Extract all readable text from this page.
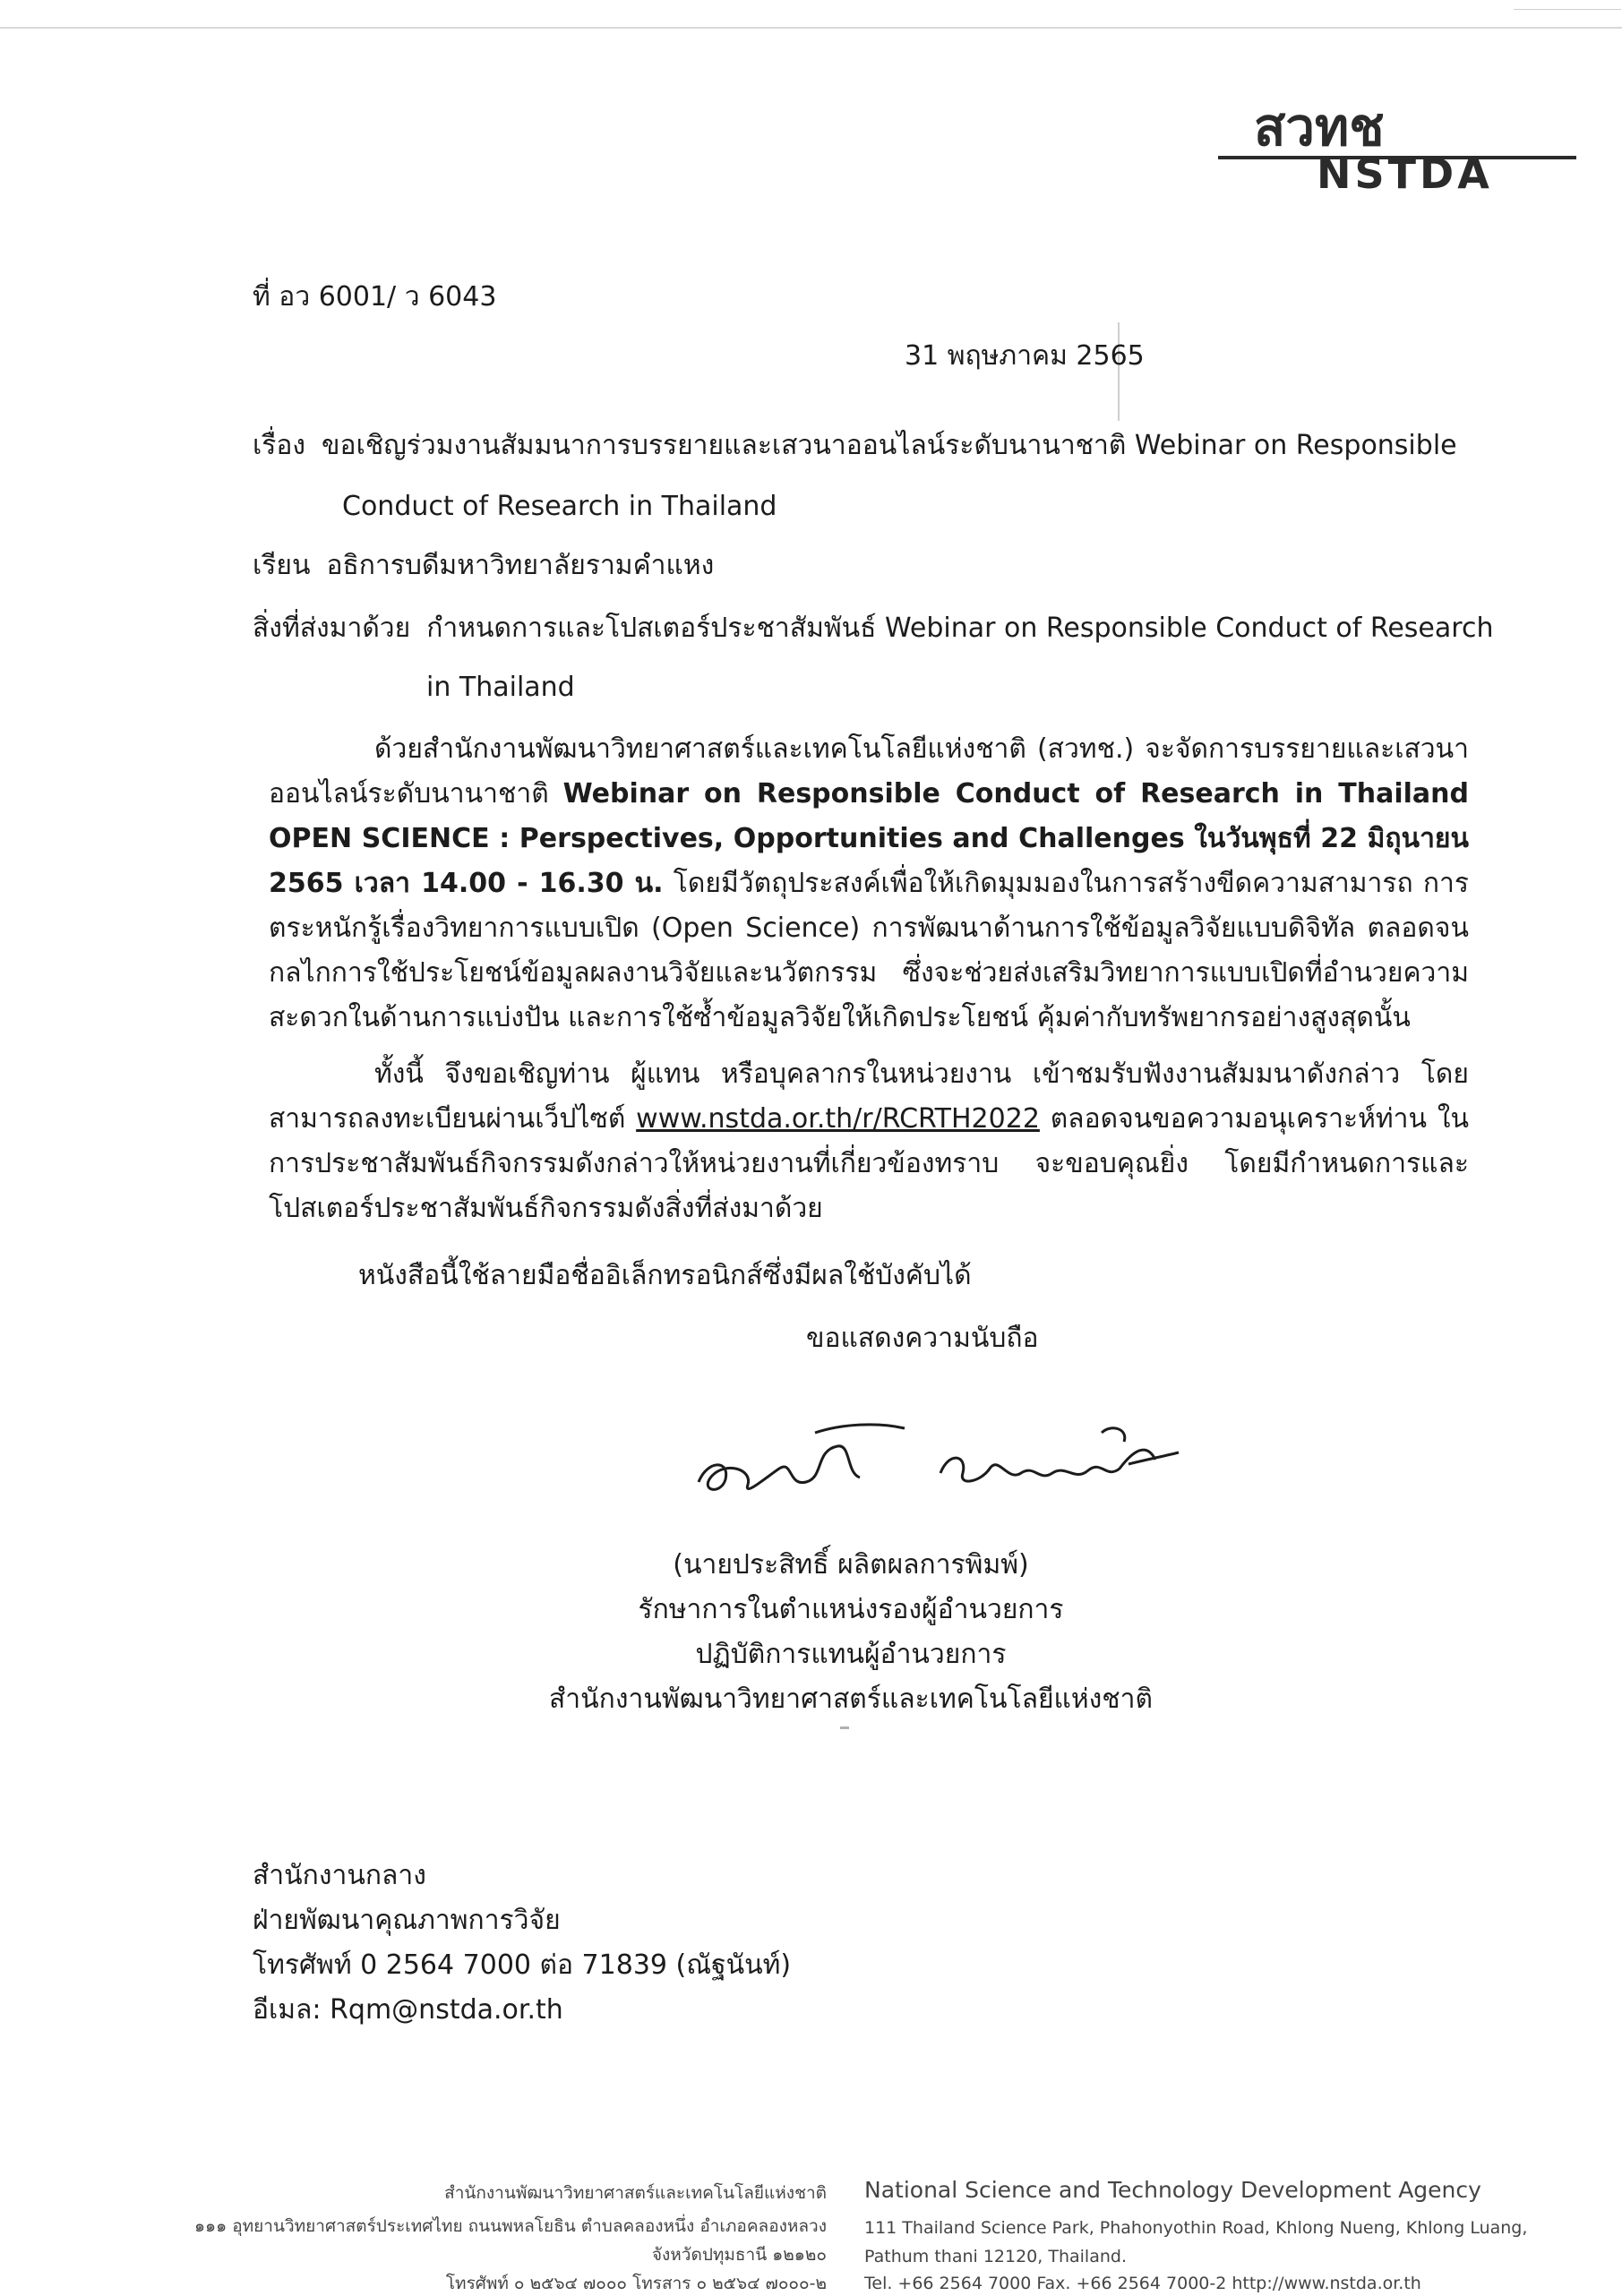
สวทช
NSTDA
ที่ อว 6001/ ว 6043
31 พฤษภาคม 2565
เรื่อง ขอเชิญร่วมงานสัมมนาการบรรยายและเสวนาออนไลน์ระดับนานาชาติ Webinar on Responsible
Conduct of Research in Thailand
เรียน อธิการบดีมหาวิทยาลัยรามคำแหง
สิ่งที่ส่งมาด้วย กำหนดการและโปสเตอร์ประชาสัมพันธ์ Webinar on Responsible Conduct of Research
in Thailand
ด้วยสำนักงานพัฒนาวิทยาศาสตร์และเทคโนโลยีแห่งชาติ (สวทช.) จะจัดการบรรยายและเสวนาออนไลน์ระดับนานาชาติ Webinar on Responsible Conduct of Research in Thailand OPEN SCIENCE : Perspectives, Opportunities and Challenges ในวันพุธที่ 22 มิถุนายน 2565 เวลา 14.00 - 16.30 น. โดยมีวัตถุประสงค์เพื่อให้เกิดมุมมองในการสร้างขีดความสามารถ การตระหนักรู้เรื่องวิทยาการแบบเปิด (Open Science) การพัฒนาด้านการใช้ข้อมูลวิจัยแบบดิจิทัล ตลอดจนกลไกการใช้ประโยชน์ข้อมูลผลงานวิจัยและนวัตกรรม ซึ่งจะช่วยส่งเสริมวิทยาการแบบเปิดที่อำนวยความสะดวกในด้านการแบ่งปัน และการใช้ซ้ำข้อมูลวิจัยให้เกิดประโยชน์ คุ้มค่ากับทรัพยากรอย่างสูงสุดนั้น
ทั้งนี้ จึงขอเชิญท่าน ผู้แทน หรือบุคลากรในหน่วยงาน เข้าชมรับฟังงานสัมมนาดังกล่าว โดยสามารถลงทะเบียนผ่านเว็ปไซต์ www.nstda.or.th/r/RCRTH2022 ตลอดจนขอความอนุเคราะห์ท่าน ในการประชาสัมพันธ์กิจกรรมดังกล่าวให้หน่วยงานที่เกี่ยวข้องทราบ จะขอบคุณยิ่ง โดยมีกำหนดการและโปสเตอร์ประชาสัมพันธ์กิจกรรมดังสิ่งที่ส่งมาด้วย
หนังสือนี้ใช้ลายมือชื่ออิเล็กทรอนิกส์ซึ่งมีผลใช้บังคับได้
ขอแสดงความนับถือ
(นายประสิทธิ์ ผลิตผลการพิมพ์)
รักษาการในตำแหน่งรองผู้อำนวยการ
ปฏิบัติการแทนผู้อำนวยการ
สำนักงานพัฒนาวิทยาศาสตร์และเทคโนโลยีแห่งชาติ
สำนักงานกลาง
ฝ่ายพัฒนาคุณภาพการวิจัย
โทรศัพท์ 0 2564 7000 ต่อ 71839 (ณัฐนันท์)
อีเมล: Rqm@nstda.or.th
สำนักงานพัฒนาวิทยาศาสตร์และเทคโนโลยีแห่งชาติ
๑๑๑ อุทยานวิทยาศาสตร์ประเทศไทย ถนนพหลโยธิน ตำบลคลองหนึ่ง อำเภอคลองหลวง
จังหวัดปทุมธานี ๑๒๑๒๐
โทรศัพท์ ๐ ๒๕๖๔ ๗๐๐๐ โทรสาร ๐ ๒๕๖๔ ๗๐๐๐-๒
National Science and Technology Development Agency
111 Thailand Science Park, Phahonyothin Road, Khlong Nueng, Khlong Luang,
Pathum thani 12120, Thailand.
Tel. +66 2564 7000 Fax. +66 2564 7000-2 http://www.nstda.or.th
